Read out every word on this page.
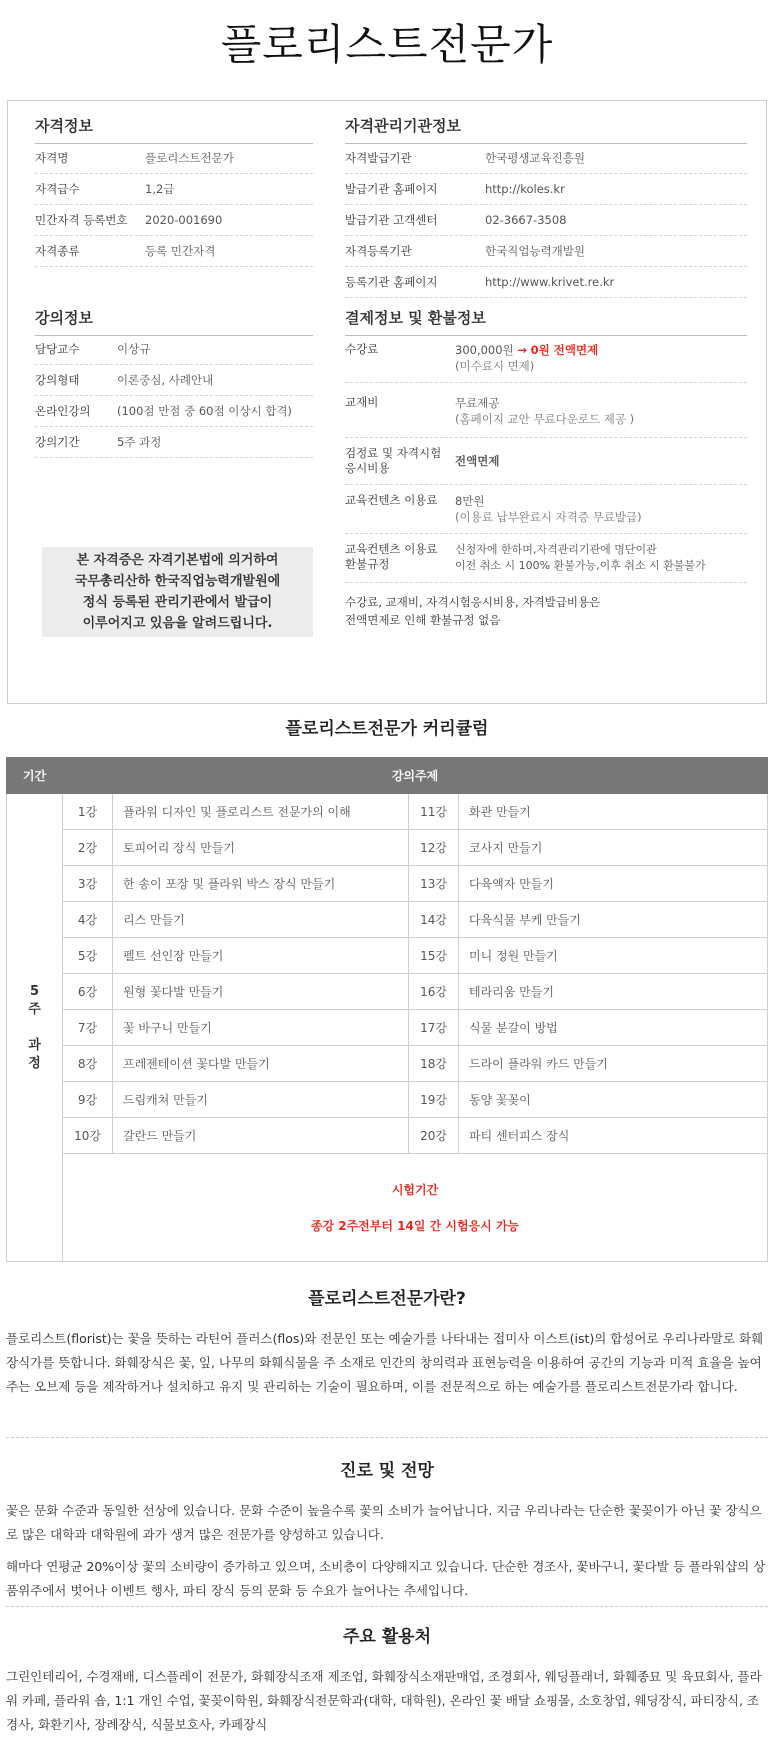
플로리스트전문가
자격정보
자격명	플로리스트전문가
자격급수	1,2급
민간자격 등록번호	2020-001690
자격종류	등록 민간자격
자격관리기관정보
자격발급기관	한국평생교육진흥원
발급기관 홈페이지	http://koles.kr
발급기관 고객센터	02-3667-3508
자격등록기관	한국직업능력개발원
등록기관 홈페이지	http://www.krivet.re.kr
강의정보
담당교수	이상규
강의형태	이론중심, 사례안내
온라인강의	(100점 만점 중 60점 이상시 합격)
강의기간	5주 과정
본 자격증은 자격기본법에 의거하여
국무총리산하 한국직업능력개발원에
정식 등록된 관리기관에서 발급이
이루어지고 있음을 알려드립니다.
결제정보 및 환불정보
수강료	300,000원 → 0원 전액면제
(미수료시 면제)
교재비	무료제공
(홈페이지 교안 무료다운로드 제공 )
검정료 및 자격시험
응시비용	전액면제
교육컨텐츠 이용료	8만원
(이용료 납부완료시 자격증 무료발급)
교육컨텐츠 이용료
환불규정
신청자에 한하며,자격관리기관에 명단이관
이전 취소 시 100% 환불가능,이후 취소 시 환불불가
수강료, 교재비, 자격시험응시비용, 자격발급비용은
전액면제로 인해 환불규정 없음
플로리스트전문가 커리큘럼
기간	강의주제			
5
주

과
정	1강	플라워 디자인 및 플로리스트 전문가의 이해	11강	화관 만들기
	2강	토피어리 장식 만들기	12강	코사지 만들기
	3강	한 송이 포장 및 플라워 박스 장식 만들기	13강	다육액자 만들기
	4강	리스 만들기	14강	다육식물 부케 만들기
	5강	펠트 선인장 만들기	15강	미니 정원 만들기
	6강	원형 꽃다발 만들기	16강	테라리움 만들기
	7강	꽃 바구니 만들기	17강	식물 분갈이 방법
	8강	프레젠테이션 꽃다발 만들기	18강	드라이 플라워 카드 만들기
	9강	드림캐쳐 만들기	19강	동양 꽃꽂이
	10강	갈란드 만들기	20강	파티 센터피스 장식

	시험기간
종강 2주전부터 14일 간 시험응시 가능			
플로리스트전문가란?

플로리스트(florist)는 꽃을 뜻하는 라틴어 플러스(flos)와 전문인 또는 예술가를 나타내는 접미사 이스트(ist)의 합성어로 우리나라말로 화훼장식가를 뜻합니다. 화훼장식은 꽃, 잎, 나무의 화훼식물을 주 소재로 인간의 창의력과 표현능력을 이용하여 공간의 기능과 미적 효율을 높여주는 오브제 등을 제작하거나 설치하고 유지 및 관리하는 기술이 필요하며, 이를 전문적으로 하는 예술가를 플로리스트전문가라 합니다.

진로 및 전망

꽃은 문화 수준과 동일한 선상에 있습니다. 문화 수준이 높을수록 꽃의 소비가 늘어납니다. 지금 우리나라는 단순한 꽃꽂이가 아닌 꽃 장식으로 많은 대학과 대학원에 과가 생겨 많은 전문가를 양성하고 있습니다.

해마다 연평균 20%이상 꽃의 소비량이 증가하고 있으며, 소비층이 다양해지고 있습니다. 단순한 경조사, 꽃바구니, 꽃다발 등 플라워샵의 상품위주에서 벗어나 이벤트 행사, 파티 장식 등의 문화 등 수요가 늘어나는 추세입니다.

주요 활용처

그린인테리어, 수경재배, 디스플레이 전문가, 화훼장식조재 제조업, 화훼장식소재판매업, 조경회사, 웨딩플래너, 화훼종묘 및 육묘회사, 플라워 카페, 플라워 숍, 1:1 개인 수업, 꽃꽂이학원, 화훼장식전문학과(대학, 대학원), 온라인 꽃 배달 쇼핑몰, 소호창업, 웨딩장식, 파티장식, 조경사, 화환기사, 장례장식, 식물보호사, 카페장식
